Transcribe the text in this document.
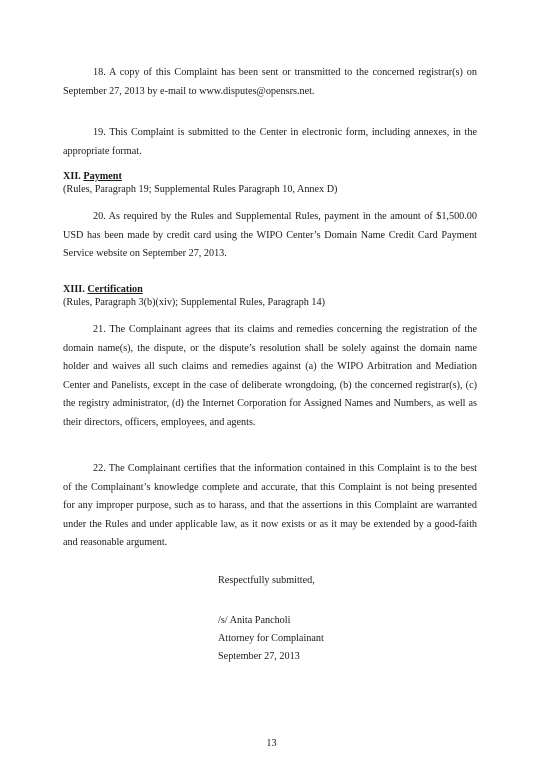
18. A copy of this Complaint has been sent or transmitted to the concerned registrar(s) on September 27, 2013 by e-mail to www.disputes@opensrs.net.

19. This Complaint is submitted to the Center in electronic form, including annexes, in the appropriate format.

XII. Payment
(Rules, Paragraph 19; Supplemental Rules Paragraph 10, Annex D)

20. As required by the Rules and Supplemental Rules, payment in the amount of $1,500.00 USD has been made by credit card using the WIPO Center’s Domain Name Credit Card Payment Service website on September 27, 2013.

XIII. Certification
(Rules, Paragraph 3(b)(xiv); Supplemental Rules, Paragraph 14)

21. The Complainant agrees that its claims and remedies concerning the registration of the domain name(s), the dispute, or the dispute’s resolution shall be solely against the domain name holder and waives all such claims and remedies against (a) the WIPO Arbitration and Mediation Center and Panelists, except in the case of deliberate wrongdoing, (b) the concerned registrar(s), (c) the registry administrator, (d) the Internet Corporation for Assigned Names and Numbers, as well as their directors, officers, employees, and agents.

22. The Complainant certifies that the information contained in this Complaint is to the best of the Complainant’s knowledge complete and accurate, that this Complaint is not being presented for any improper purpose, such as to harass, and that the assertions in this Complaint are warranted under the Rules and under applicable law, as it now exists or as it may be extended by a good-faith and reasonable argument.

Respectfully submitted,

/s/ Anita Pancholi

Attorney for Complainant

September 27, 2013

13
